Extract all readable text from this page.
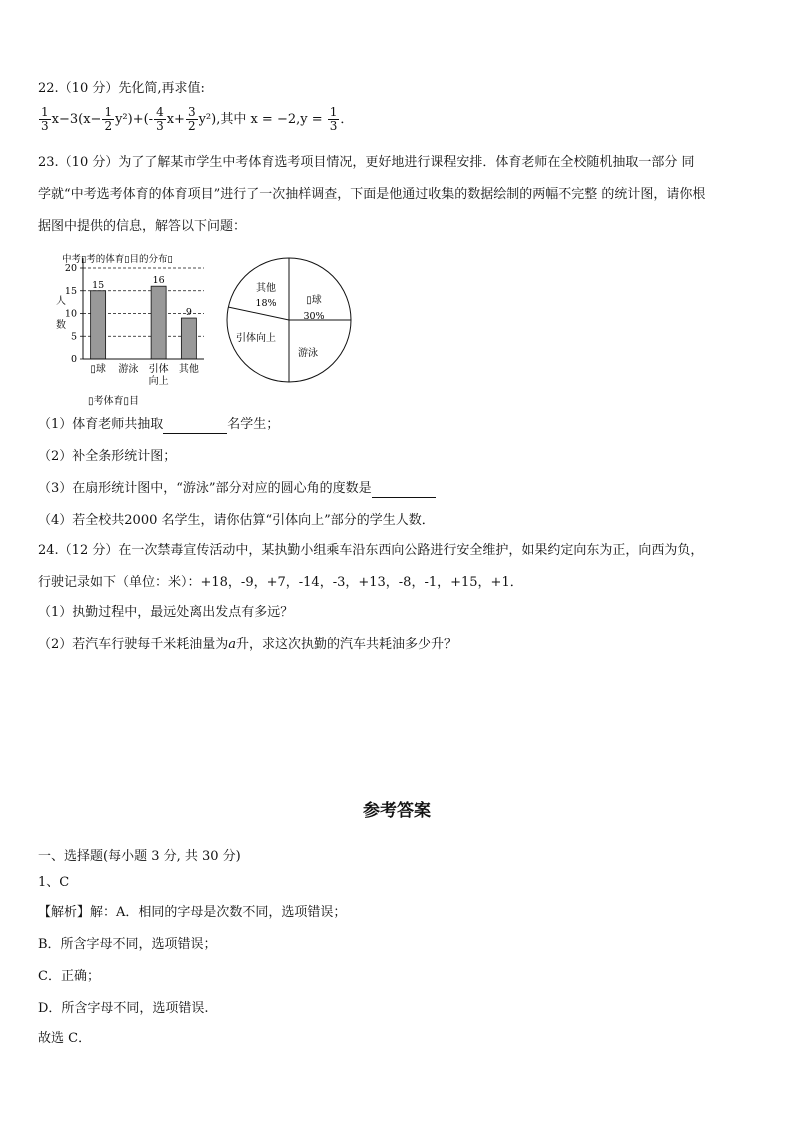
22.（10 分）先化简,再求值:
$\frac{1}{3} x-3(x- \frac{1}{2} y^2)+(- \frac{4}{3} x+ \frac{3}{2} y^2)$,其中 $x = -2,y = \frac{1}{3}$ ．
23.（10 分）为了了解某市学生中考体育选考项目情况，更好地进行课程安排．体育老师在全校随机抽取一部分 同
学就“中考选考体育的体育项目”进行了一次抽样调查，下面是他通过收集的数据绘制的两幅不完整 的统计图，请你根
据图中提供的信息，解答以下问题：
0
5
10
15
20
15
▯球 游泳
16
引体向上
9
其他
中考▯考的体育▯目的分布▯
人数
▯考体育▯目
▯球
30%
游泳
引体向上
其他
18%
（1）体育老师共抽取	名学生；
（2）补全条形统计图；
（3）在扇形统计图中，“游泳”部分对应的圆心角的度数是
（4）若全校共2000 名学生，请你估算“引体向上”部分的学生人数．
24.（12 分）在一次禁毒宣传活动中，某执勤小组乘车沿东西向公路进行安全维护，如果约定向东为正，向西为负，
行驶记录如下（单位：米）：+18，-9，+7，-14，-3，+13，-8，-1，+15，+1．
（1）执勤过程中，最远处离出发点有多远？
（2）若汽车行驶每千米耗油量为a升，求这次执勤的汽车共耗油多少升？
参考答案
一、选择题(每小题 3 分, 共 30 分)
1、C
【解析】解：A．相同的字母是次数不同，选项错误；
B．所含字母不同，选项错误；
C．正确；
D．所含字母不同，选项错误.
故选 C．
